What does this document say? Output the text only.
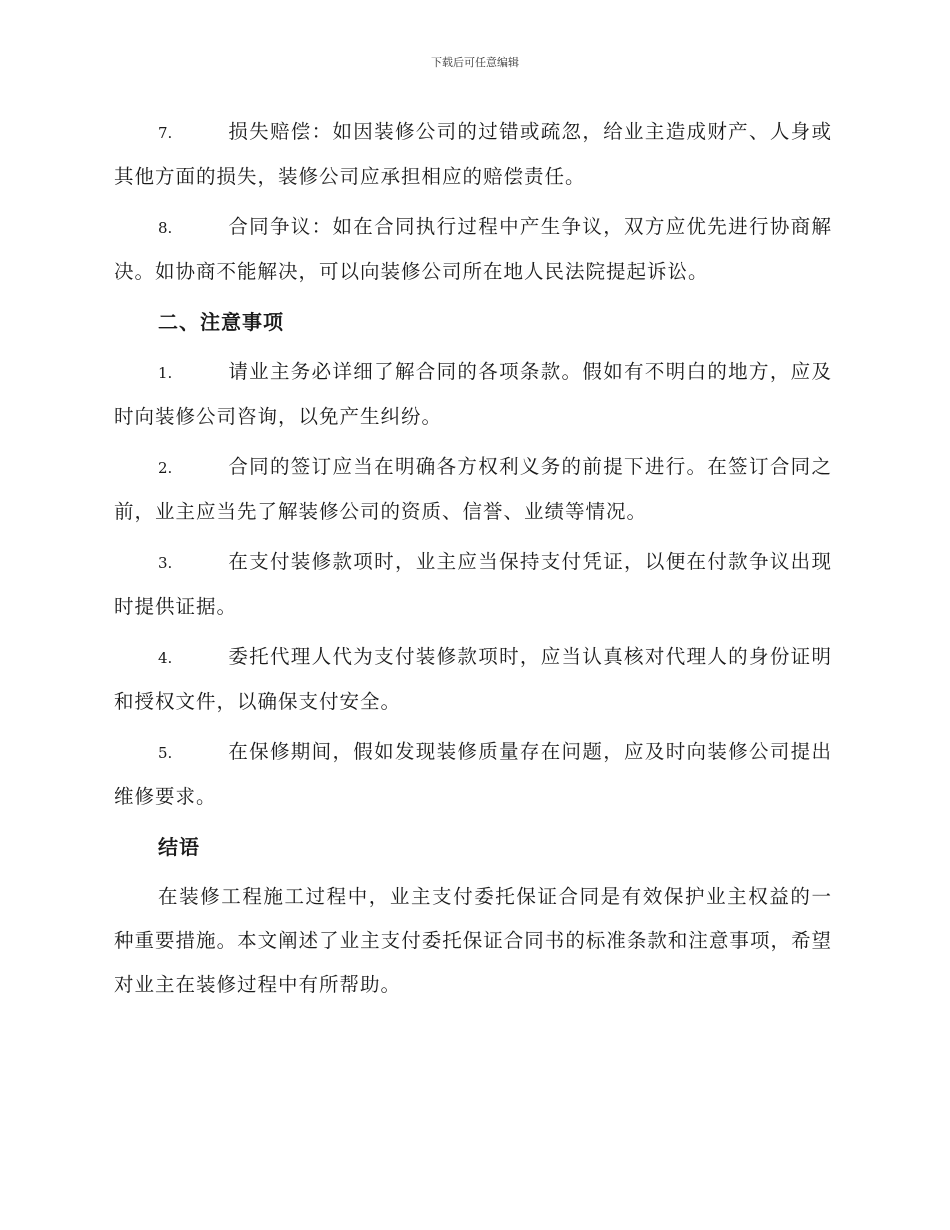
下载后可任意编辑

7.	损失赔偿：如因装修公司的过错或疏忽，给业主造成财产、人身或其他方面的损失，装修公司应承担相应的赔偿责任。

8.	合同争议：如在合同执行过程中产生争议，双方应优先进行协商解决。如协商不能解决，可以向装修公司所在地人民法院提起诉讼。

二、注意事项

1.	请业主务必详细了解合同的各项条款。假如有不明白的地方，应及时向装修公司咨询，以免产生纠纷。

2.	合同的签订应当在明确各方权利义务的前提下进行。在签订合同之前，业主应当先了解装修公司的资质、信誉、业绩等情况。

3.	在支付装修款项时，业主应当保持支付凭证，以便在付款争议出现时提供证据。

4.	委托代理人代为支付装修款项时，应当认真核对代理人的身份证明和授权文件，以确保支付安全。

5.	在保修期间，假如发现装修质量存在问题，应及时向装修公司提出维修要求。

结语

在装修工程施工过程中，业主支付委托保证合同是有效保护业主权益的一种重要措施。本文阐述了业主支付委托保证合同书的标准条款和注意事项，希望对业主在装修过程中有所帮助。
